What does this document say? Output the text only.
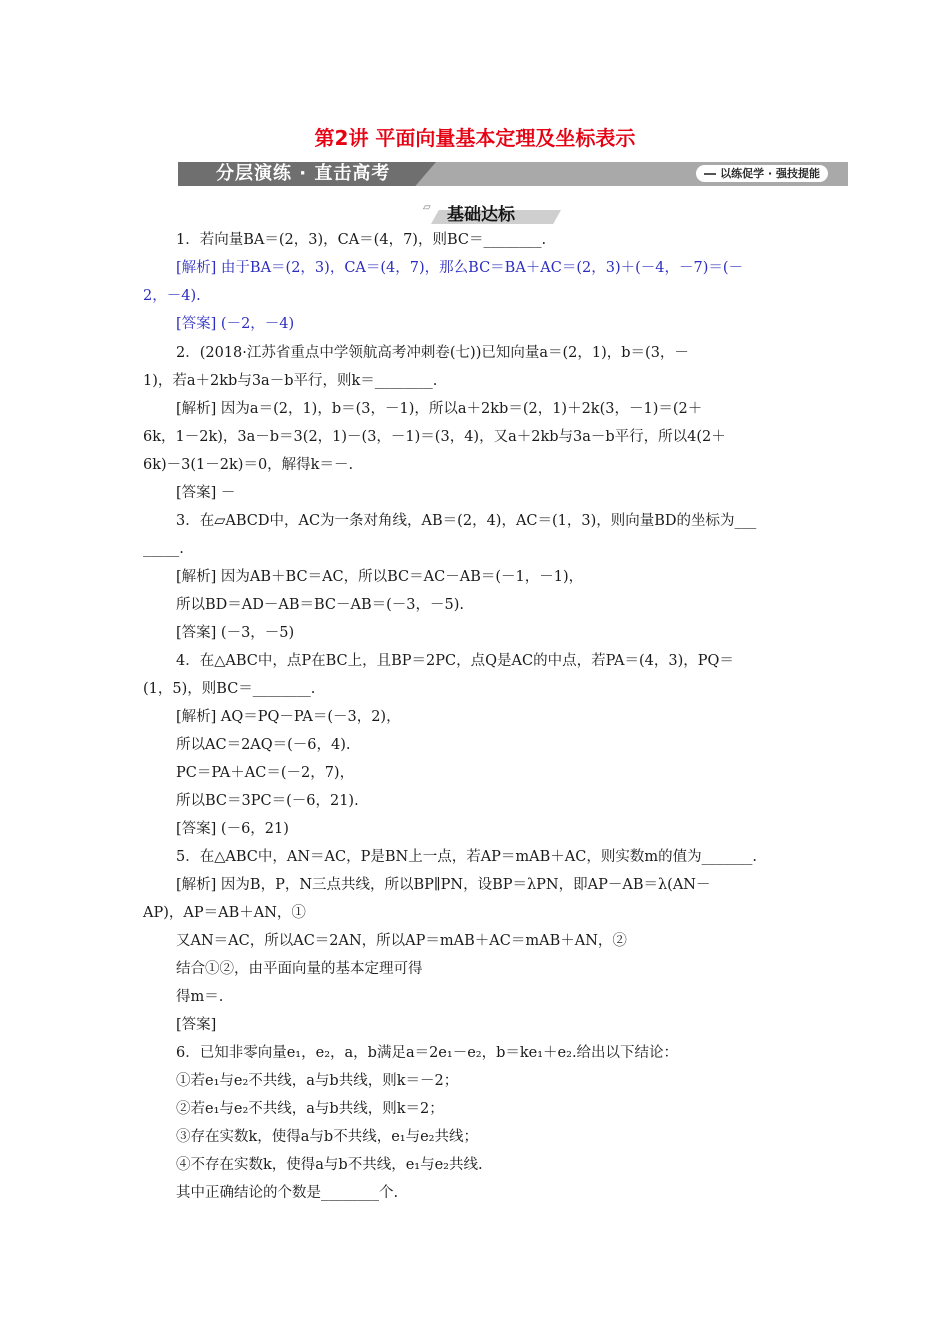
第2讲 平面向量基本定理及坐标表示
分层演练 · 直击高考	以练促学 · 强技提能
▱ 基础达标
1．若向量BA＝(2，3)，CA＝(4，7)，则BC＝________.
[解析] 由于BA＝(2，3)，CA＝(4，7)，那么BC＝BA＋AC＝(2，3)＋(－4，－7)＝(－
2，－4).
[答案] (－2，－4)
2．(2018·江苏省重点中学领航高考冲刺卷(七))已知向量a＝(2，1)，b＝(3，－
1)，若a＋2kb与3a－b平行，则k＝________.
[解析] 因为a＝(2，1)，b＝(3，－1)，所以a＋2kb＝(2，1)＋2k(3，－1)＝(2＋
6k，1－2k)，3a－b＝3(2，1)－(3，－1)＝(3，4)，又a＋2kb与3a－b平行，所以4(2＋
6k)－3(1－2k)＝0，解得k＝－.
[答案] －
3．在▱ABCD中，AC为一条对角线，AB＝(2，4)，AC＝(1，3)，则向量BD的坐标为___
_____.
[解析] 因为AB＋BC＝AC，所以BC＝AC－AB＝(－1，－1)，
所以BD＝AD－AB＝BC－AB＝(－3，－5).
[答案] (－3，－5)
4．在△ABC中，点P在BC上，且BP＝2PC，点Q是AC的中点，若PA＝(4，3)，PQ＝
(1，5)，则BC＝________.
[解析] AQ＝PQ－PA＝(－3，2)，
所以AC＝2AQ＝(－6，4).
PC＝PA＋AC＝(－2，7)，
所以BC＝3PC＝(－6，21).
[答案] (－6，21)
5．在△ABC中，AN＝AC，P是BN上一点，若AP＝mAB＋AC，则实数m的值为_______.
[解析] 因为B，P，N三点共线，所以BP∥PN，设BP＝λPN，即AP－AB＝λ(AN－
AP)，AP＝AB＋AN，①
又AN＝AC，所以AC＝2AN，所以AP＝mAB＋AC＝mAB＋AN，②
结合①②，由平面向量的基本定理可得
得m＝.
[答案]
6．已知非零向量e₁，e₂，a，b满足a＝2e₁－e₂，b＝ke₁＋e₂.给出以下结论：
①若e₁与e₂不共线，a与b共线，则k＝－2；
②若e₁与e₂不共线，a与b共线，则k＝2；
③存在实数k，使得a与b不共线，e₁与e₂共线；
④不存在实数k，使得a与b不共线，e₁与e₂共线.
其中正确结论的个数是________个.
